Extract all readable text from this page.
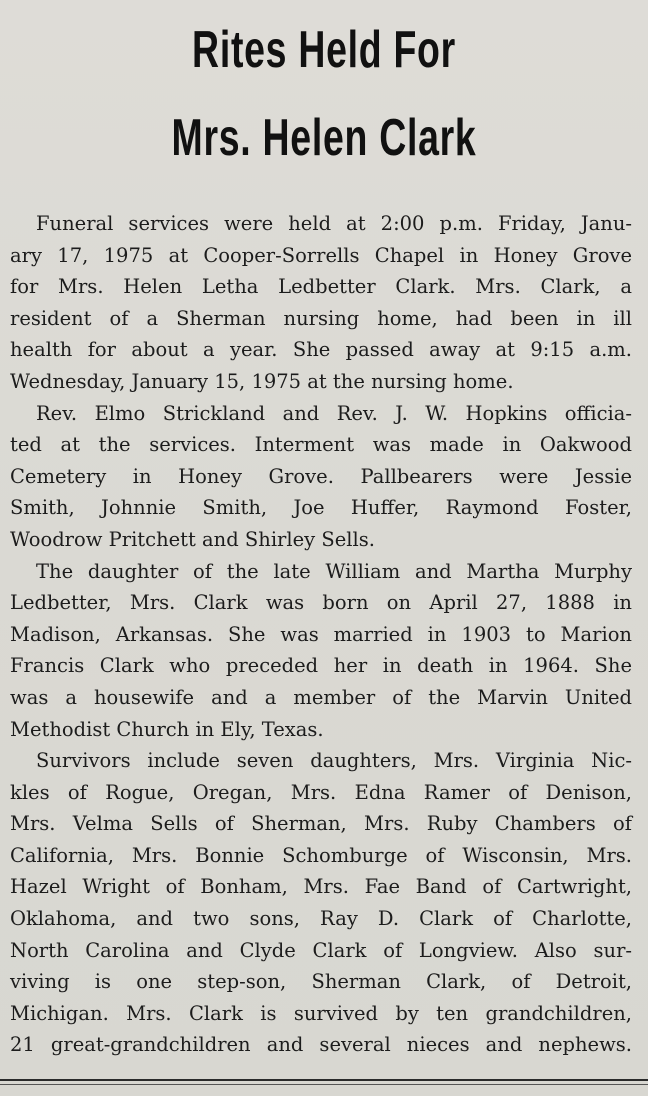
Rites Held For
Mrs. Helen Clark
Funeral services were held at 2:00 p.m. Friday, Janu-
ary 17, 1975 at Cooper-Sorrells Chapel in Honey Grove
for Mrs. Helen Letha Ledbetter Clark. Mrs. Clark, a
resident of a Sherman nursing home, had been in ill
health for about a year. She passed away at 9:15 a.m.
Wednesday, January 15, 1975 at the nursing home.
Rev. Elmo Strickland and Rev. J. W. Hopkins officia-
ted at the services. Interment was made in Oakwood
Cemetery in Honey Grove. Pallbearers were Jessie
Smith, Johnnie Smith, Joe Huffer, Raymond Foster,
Woodrow Pritchett and Shirley Sells.
The daughter of the late William and Martha Murphy
Ledbetter, Mrs. Clark was born on April 27, 1888 in
Madison, Arkansas. She was married in 1903 to Marion
Francis Clark who preceded her in death in 1964. She
was a housewife and a member of the Marvin United
Methodist Church in Ely, Texas.
Survivors include seven daughters, Mrs. Virginia Nic-
kles of Rogue, Oregan, Mrs. Edna Ramer of Denison,
Mrs. Velma Sells of Sherman, Mrs. Ruby Chambers of
California, Mrs. Bonnie Schomburge of Wisconsin, Mrs.
Hazel Wright of Bonham, Mrs. Fae Band of Cartwright,
Oklahoma, and two sons, Ray D. Clark of Charlotte,
North Carolina and Clyde Clark of Longview. Also sur-
viving is one step-son, Sherman Clark, of Detroit,
Michigan. Mrs. Clark is survived by ten grandchildren,
21 great-grandchildren and several nieces and nephews.
